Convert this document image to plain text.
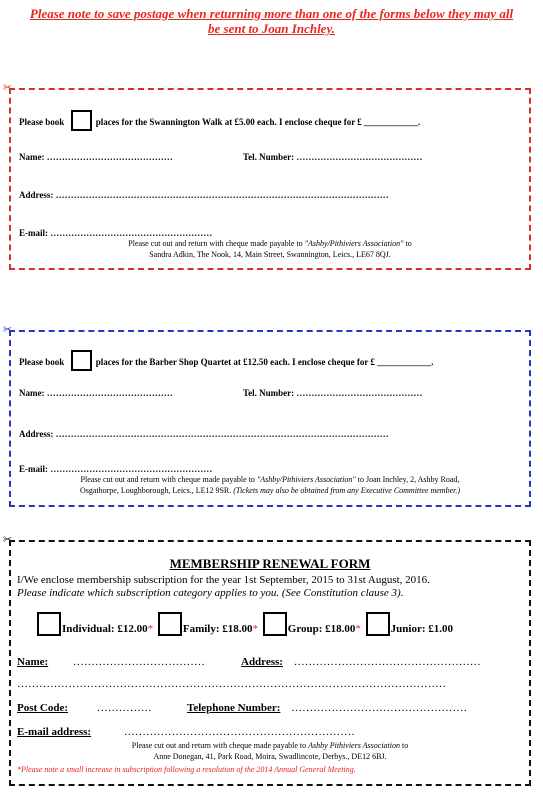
Please note to save postage when returning more than one of the forms below they may all
be sent to Joan Inchley.
✂
Please book	places for the Swannington Walk at £5.00 each. I enclose cheque for £ ____________.
Name: ……………………………………	Tel. Number: ……………………………………
Address: …………………………………………………………………………………………………
E-mail: ………………………………………………
Please cut out and return with cheque made payable to "Ashby/Pithiviers Association" to
Sandra Adkin, The Nook, 14, Main Street, Swannington, Leics., LE67 8QJ.
✂
Please book	places for the Barber Shop Quartet at £12.50 each. I enclose cheque for £ ____________.
Name: ……………………………………	Tel. Number: ……………………………………
Address: …………………………………………………………………………………………………
E-mail: ………………………………………………
Please cut out and return with cheque made payable to "Ashby/Pithiviers Association" to Joan Inchley, 2, Ashby Road,
Osgathorpe, Loughborough, Leics., LE12 9SR. (Tickets may also be obtained from any Executive Committee member.)
✂
MEMBERSHIP RENEWAL FORM
I/We enclose membership subscription for the year 1st September, 2015 to 31st August, 2016.
Please indicate which subscription category applies to you. (See Constitution clause 3).
Individual: £12.00*	Family: £18.00*	Group: £18.00*	Junior: £1.00
Name: ………………………………	Address: ……………………………………………
………………………………………………………………………………………………………
Post Code:	……………	Telephone Number: …………………………………………
E-mail address:	………………………………………………………
Please cut out and return with cheque made payable to Ashby Pithiviers Association to
Anne Donegan, 41, Park Road, Moira, Swadlincote, Derbys., DE12 6BJ.
*Please note a small increase in subscription following a resolution of the 2014 Annual General Meeting.
